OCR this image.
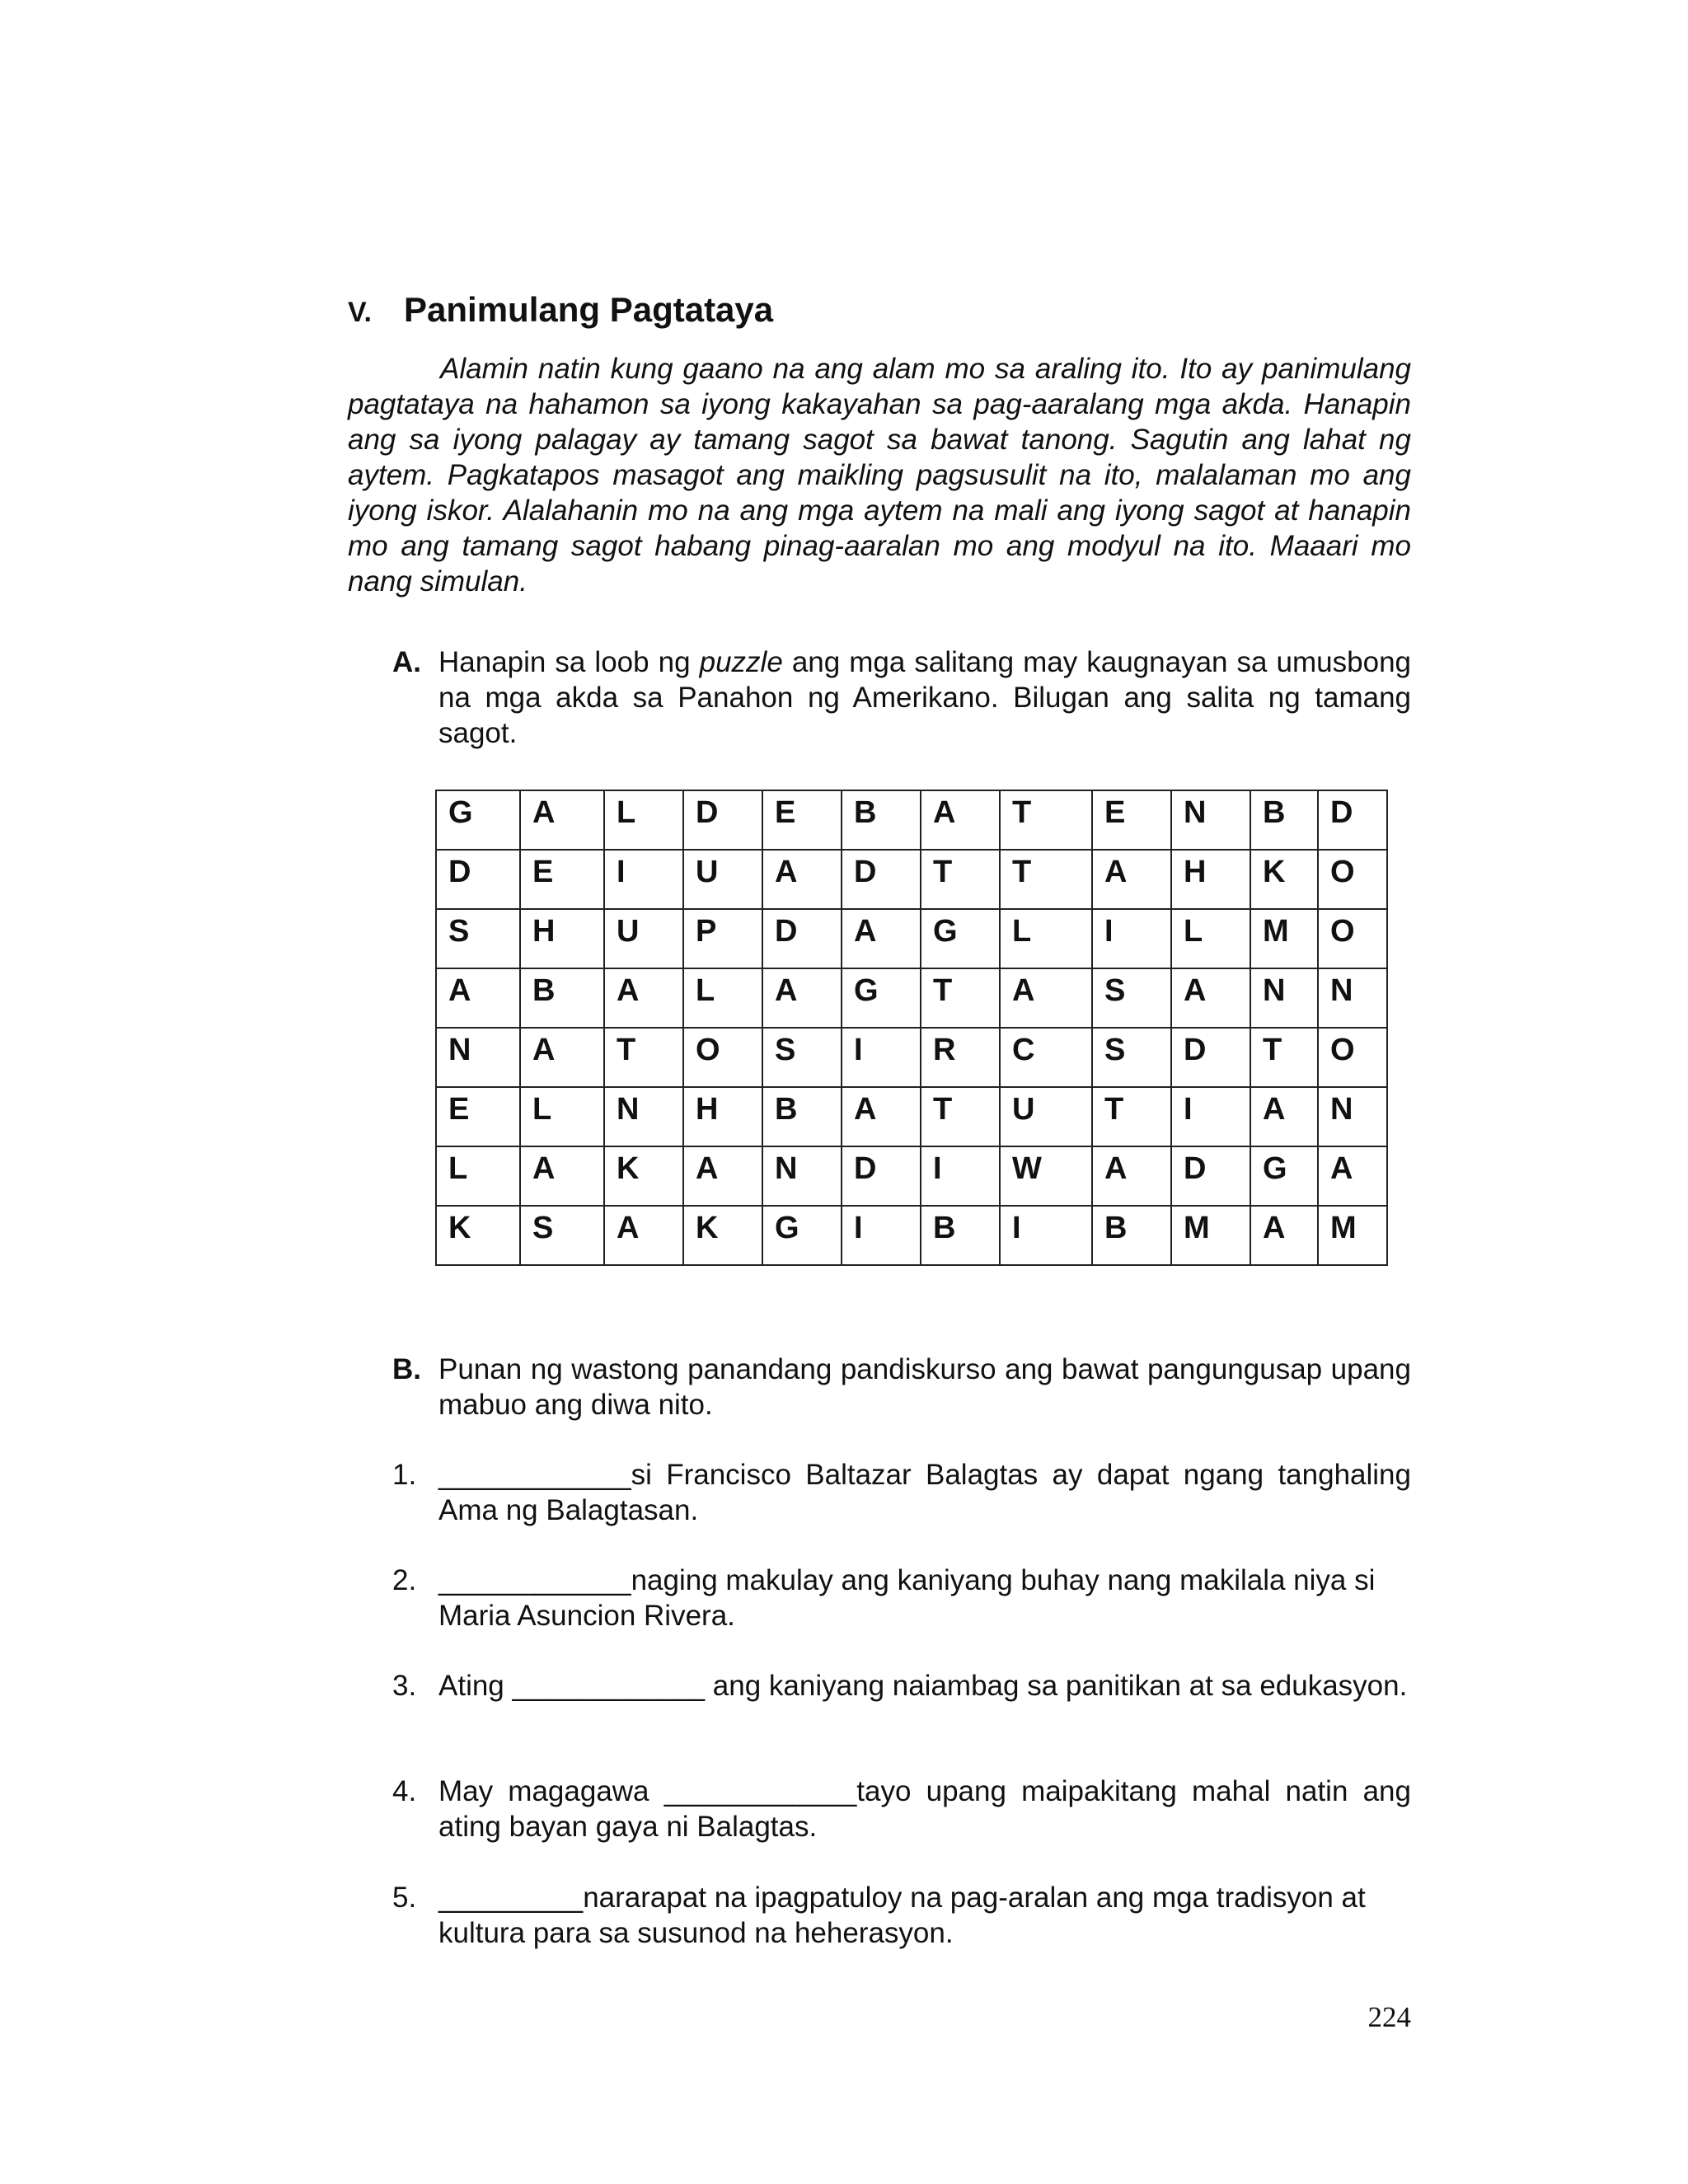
V. Panimulang Pagtataya

Alamin natin kung gaano na ang alam mo sa araling ito. Ito ay panimulang pagtataya na hahamon sa iyong kakayahan sa pag-aaralang mga akda. Hanapin ang sa iyong palagay ay tamang sagot sa bawat tanong. Sagutin ang lahat ng aytem. Pagkatapos masagot ang maikling pagsusulit na ito, malalaman mo ang iyong iskor. Alalahanin mo na ang mga aytem na mali ang iyong sagot at hanapin mo ang tamang sagot habang pinag-aaralan mo ang modyul na ito. Maaari mo nang simulan.

A. Hanapin sa loob ng puzzle ang mga salitang may kaugnayan sa umusbong na mga akda sa Panahon ng Amerikano. Bilugan ang salita ng tamang sagot.
G	A	L	D	E	B	A	T	E	N	B	D
D	E	I	U	A	D	T	T	A	H	K	O
S	H	U	P	D	A	G	L	I	L	M	O
A	B	A	L	A	G	T	A	S	A	N	N
N	A	T	O	S	I	R	C	S	D	T	O
E	L	N	H	B	A	T	U	T	I	A	N
L	A	K	A	N	D	I	W	A	D	G	A
K	S	A	K	G	I	B	I	B	M	A	M
B. Punan ng wastong panandang pandiskurso ang bawat pangungusap upang mabuo ang diwa nito.
1. ____________si Francisco Baltazar Balagtas ay dapat ngang tanghaling Ama ng Balagtasan.
2. ____________naging makulay ang kaniyang buhay nang makilala niya si Maria Asuncion Rivera.
3. Ating ____________ ang kaniyang naiambag sa panitikan at sa edukasyon.
4. May magagawa ____________tayo upang maipakitang mahal natin ang ating bayan gaya ni Balagtas.
5. _________nararapat na ipagpatuloy na pag-aralan ang mga tradisyon at kultura para sa susunod na heherasyon.
224
